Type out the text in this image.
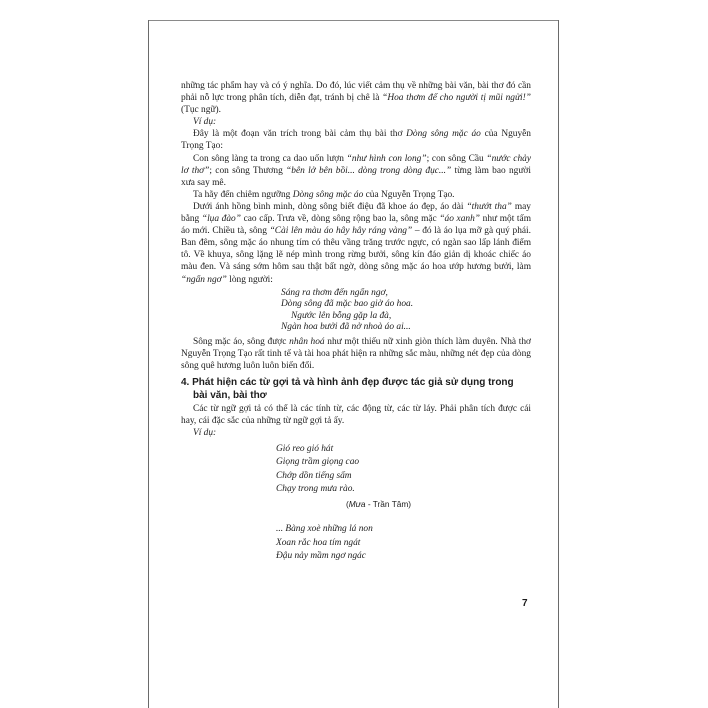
những tác phẩm hay và có ý nghĩa. Do đó, lúc viết cảm thụ về những bài văn, bài thơ đó cần phải nỗ lực trong phân tích, diễn đạt, tránh bị chê là “Hoa thơm để cho người tị mũi ngửi!” (Tục ngữ).

Ví dụ:

Đây là một đoạn văn trích trong bài cảm thụ bài thơ Dòng sông mặc áo của Nguyễn Trọng Tạo:

Con sông làng ta trong ca dao uốn lượn “như hình con long”; con sông Cầu “nước chảy lơ thơ”; con sông Thương “bên lở bên bồi... dòng trong dòng đục...” từng làm bao người xưa say mê.

Ta hãy đến chiêm ngưỡng Dòng sông mặc áo của Nguyễn Trọng Tạo.

Dưới ánh hồng bình minh, dòng sông biết điệu đã khoe áo đẹp, áo dài “thướt tha” may bằng “lụa đào” cao cấp. Trưa về, dòng sông rộng bao la, sông mặc “áo xanh” như một tấm áo mới. Chiều tà, sông “Cài lên màu áo hây hây ráng vàng” – đó là áo lụa mỡ gà quý phái. Ban đêm, sông mặc áo nhung tím có thêu vầng trăng trước ngực, có ngàn sao lấp lánh điểm tô. Về khuya, sông lặng lẽ nép mình trong rừng bưởi, sông kín đáo giản dị khoác chiếc áo màu đen. Và sáng sớm hôm sau thật bất ngờ, dòng sông mặc áo hoa ướp hương bưởi, làm “ngẩn ngơ” lòng người:

Sáng ra thơm đến ngẩn ngơ,
Dòng sông đã mặc bao giờ áo hoa.
Ngước lên bỗng gặp la đà,
Ngàn hoa bưởi đã nở nhoà áo ai...

Sông mặc áo, sông được nhân hoá như một thiếu nữ xinh giòn thích làm duyên. Nhà thơ Nguyễn Trọng Tạo rất tinh tế và tài hoa phát hiện ra những sắc màu, những nét đẹp của dòng sông quê hương luôn luôn biến đổi.

4. Phát hiện các từ gợi tả và hình ảnh đẹp được tác giả sử dụng trong
bài văn, bài thơ

Các từ ngữ gợi tả có thể là các tính từ, các động từ, các từ láy. Phải phân tích được cái hay, cái đặc sắc của những từ ngữ gợi tả ấy.

Ví dụ:

Gió reo gió hát
Giọng trầm giọng cao
Chớp dồn tiếng sấm
Chạy trong mưa rào.
(Mưa - Trần Tâm)
... Bàng xoè những lá non
Xoan rắc hoa tím ngát
Đậu nảy mầm ngơ ngác
7
